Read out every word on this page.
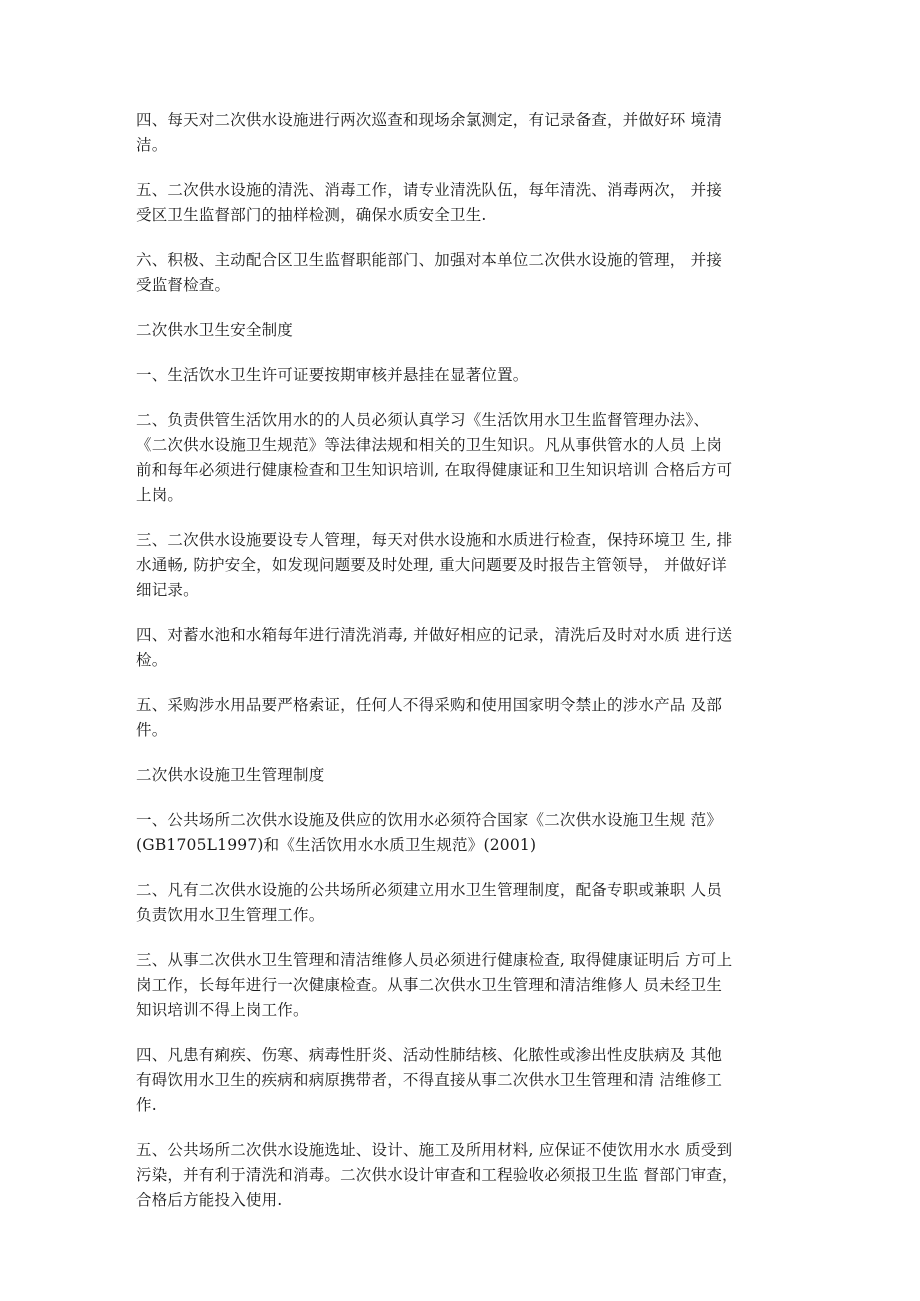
四、每天对二次供水设施进行两次巡查和现场余氯测定，有记录备查，并做好环 境清
洁。

五、二次供水设施的清洗、消毒工作，请专业清洗队伍，每年清洗、消毒两次， 并接
受区卫生监督部门的抽样检测，确保水质安全卫生.

六、积极、主动配合区卫生监督职能部门、加强对本单位二次供水设施的管理， 并接
受监督检查。

二次供水卫生安全制度

一、生活饮水卫生许可证要按期审核并悬挂在显著位置。

二、负责供管生活饮用水的的人员必须认真学习《生活饮用水卫生监督管理办法》、
《二次供水设施卫生规范》等法律法规和相关的卫生知识。凡从事供管水的人员 上岗
前和每年必须进行健康检查和卫生知识培训, 在取得健康证和卫生知识培训 合格后方可
上岗。

三、二次供水设施要设专人管理，每天对供水设施和水质进行检查，保持环境卫 生, 排
水通畅, 防护安全，如发现问题要及时处理, 重大问题要及时报告主管领导， 并做好详
细记录。

四、对蓄水池和水箱每年进行清洗消毒, 并做好相应的记录，清洗后及时对水质 进行送
检。

五、采购涉水用品要严格索证，任何人不得采购和使用国家明令禁止的涉水产品 及部
件。

二次供水设施卫生管理制度

一、公共场所二次供水设施及供应的饮用水必须符合国家《二次供水设施卫生规 范》
(GB1705L1997)和《生活饮用水水质卫生规范》(2001)

二、凡有二次供水设施的公共场所必须建立用水卫生管理制度，配备专职或兼职 人员
负责饮用水卫生管理工作。

三、从事二次供水卫生管理和清洁维修人员必须进行健康检查, 取得健康证明后 方可上
岗工作，长每年进行一次健康检查。从事二次供水卫生管理和清洁维修人 员未经卫生
知识培训不得上岗工作。

四、凡患有痢疾、伤寒、病毒性肝炎、活动性肺结核、化脓性或渗出性皮肤病及 其他
有碍饮用水卫生的疾病和病原携带者，不得直接从事二次供水卫生管理和清 洁维修工
作.

五、公共场所二次供水设施选址、设计、施工及所用材料, 应保证不使饮用水水 质受到
污染，并有利于清洗和消毒。二次供水设计审查和工程验收必须报卫生监 督部门审查，
合格后方能投入使用.
